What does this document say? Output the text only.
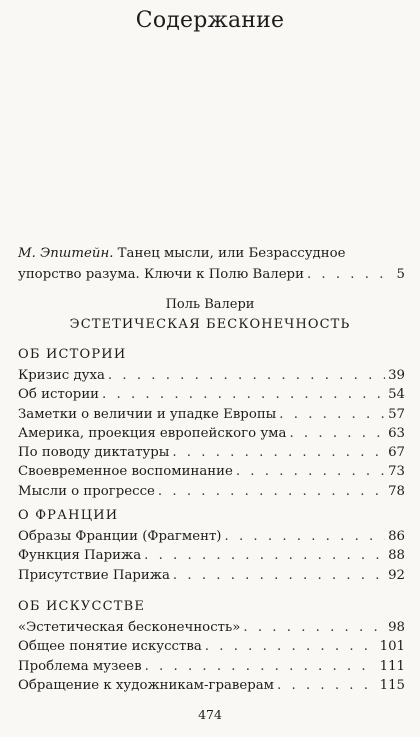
Содержание
М. Эпштейн. Танец мысли, или Безрассудное
упорство разума. Ключи к Полю Валери . . .	5
Поль Валери
ЭСТЕТИЧЕСКАЯ БЕСКОНЕЧНОСТЬ
ОБ ИСТОРИИ
Кризис духа . . .	39
Об истории . . .	54
Заметки о величии и упадке Европы . . .	57
Америка, проекция европейского ума . . .	63
По поводу диктатуры . . .	67
Своевременное воспоминание . . .	73
Мысли о прогрессе . . .	78
О ФРАНЦИИ
Образы Франции (Фрагмент) . . .	86
Функция Парижа . . .	88
Присутствие Парижа . . .	92
ОБ ИСКУССТВЕ
«Эстетическая бесконечность» . . .	98
Общее понятие искусства . . .	101
Проблема музеев . . .	111
Обращение к художникам-граверам . . .	115
474
